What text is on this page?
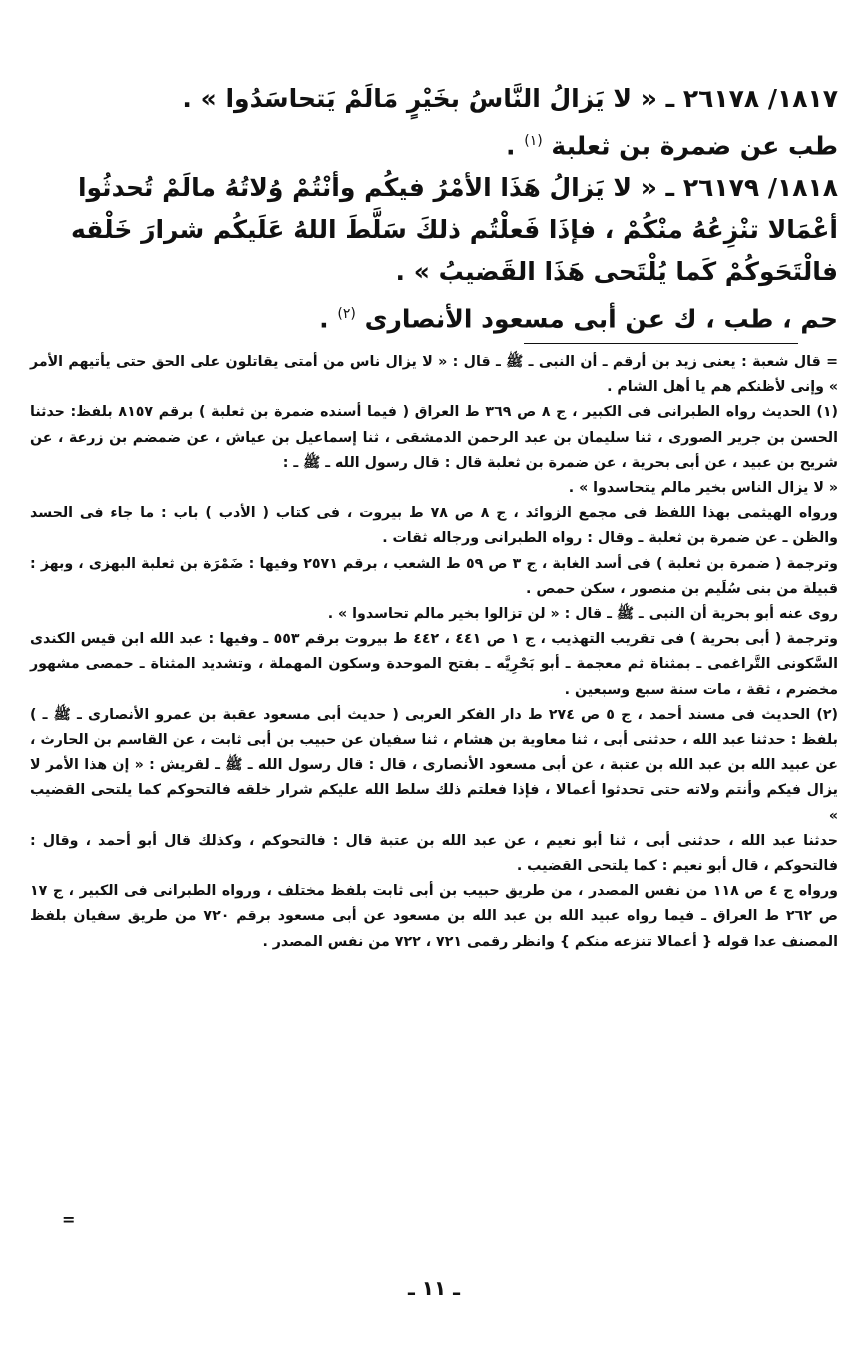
١٨١٧/ ٢٦١٧٨ ـ « لا يَزالُ النَّاسُ بخَيْرٍ مَالَمْ يَتحاسَدُوا » .

طب عن ضمرة بن ثعلبة $^{(١)}$ .

١٨١٨/ ٢٦١٧٩ ـ « لا يَزالُ هَذَا الأمْرُ فيكُم وأنْتُمْ وُلاتُهُ مالَمْ تُحدثُوا أعْمَالا تنْزِعُهُ منْكُمْ ، فإذَا فَعلْتُم ذلكَ سَلَّطَ اللهُ عَلَيكُم شرارَ خَلْقه فالْتَحَوكُمْ كَما يُلْتَحى هَذَا القَضيبُ » .

حم ، طب ، ك عن أبى مسعود الأنصارى $^{(٢)}$ .

= قال شعبة : يعنى زيد بن أرقم ـ أن النبى ـ ﷺ ـ قال : « لا يزال ناس من أمتى يقاتلون على الحق حتى يأتيهم الأمر » وإنى لأظنكم هم يا أهل الشام .

(١) الحديث رواه الطبرانى فى الكبير ، ج ٨ ص ٣٦٩ ط العراق ( فيما أسنده ضمرة بن ثعلبة ) برقم ٨١٥٧ بلفظ: حدثنا الحسن بن جرير الصورى ، ثنا سليمان بن عبد الرحمن الدمشقى ، ثنا إسماعيل بن عياش ، عن ضمضم بن زرعة ، عن شريح بن عبيد ، عن أبى بحرية ، عن ضمرة بن ثعلبة قال : قال رسول الله ـ ﷺ ـ :

« لا يزال الناس بخير مالم يتحاسدوا » .

ورواه الهيثمى بهذا اللفظ فى مجمع الزوائد ، ج ٨ ص ٧٨ ط بيروت ، فى كتاب ( الأدب ) باب : ما جاء فى الحسد والظن ـ عن ضمرة بن ثعلبة ـ وقال : رواه الطبرانى ورجاله ثقات .

وترجمة ( ضمرة بن ثعلبة ) فى أسد الغابة ، ج ٣ ص ٥٩ ط الشعب ، برقم ٢٥٧١ وفيها : ضَمْرَة بن ثعلبة البهزى ، وبهز : قبيلة من بنى سُلَيم بن منصور ، سكن حمص .

روى عنه أبو بحرية أن النبى ـ ﷺ ـ قال : « لن تزالوا بخير مالم تحاسدوا » .

وترجمة ( أبى بحرية ) فى تقريب التهذيب ، ج ١ ص ٤٤١ ، ٤٤٢ ط بيروت برقم ٥٥٣ ـ وفيها : عبد الله ابن قيس الكندى السَّكونى التَّراغمى ـ بمثناة ثم معجمة ـ أبو بَحْرِيَّه ـ بفتح الموحدة وسكون المهملة ، وتشديد المثناة ـ حمصى مشهور مخضرم ، ثقة ، مات سنة سبع وسبعين .

(٢) الحديث فى مسند أحمد ، ج ٥ ص ٢٧٤ ط دار الفكر العربى ( حديث أبى مسعود عقبة بن عمرو الأنصارى ـ ﷺ ـ ) بلفظ : حدثنا عبد الله ، حدثنى أبى ، ثنا معاوية بن هشام ، ثنا سفيان عن حبيب بن أبى ثابت ، عن القاسم بن الحارث ، عن عبيد الله بن عبد الله بن عتبة ، عن أبى مسعود الأنصارى ، قال : قال رسول الله ـ ﷺ ـ لقريش : « إن هذا الأمر لا يزال فيكم وأنتم ولاته حتى تحدثوا أعمالا ، فإذا فعلتم ذلك سلط الله عليكم شرار خلقه فالتحوكم كما يلتحى القضيب »

حدثنا عبد الله ، حدثنى أبى ، ثنا أبو نعيم ، عن عبد الله بن عتبة قال : فالتحوكم ، وكذلك قال أبو أحمد ، وقال : فالتحوكم ، قال أبو نعيم : كما يلتحى القضيب .

ورواه ج ٤ ص ١١٨ من نفس المصدر ، من طريق حبيب بن أبى ثابت بلفظ مختلف ، ورواه الطبرانى فى الكبير ، ج ١٧ ص ٢٦٢ ط العراق ـ فيما رواه عبيد الله بن عبد الله بن مسعود عن أبى مسعود برقم ٧٢٠ من طريق سفيان بلفظ المصنف عدا قوله { أعمالا تنزعه منكم } وانظر رقمى ٧٢١ ، ٧٢٢ من نفس المصدر .

=
ـ ١١ ـ
